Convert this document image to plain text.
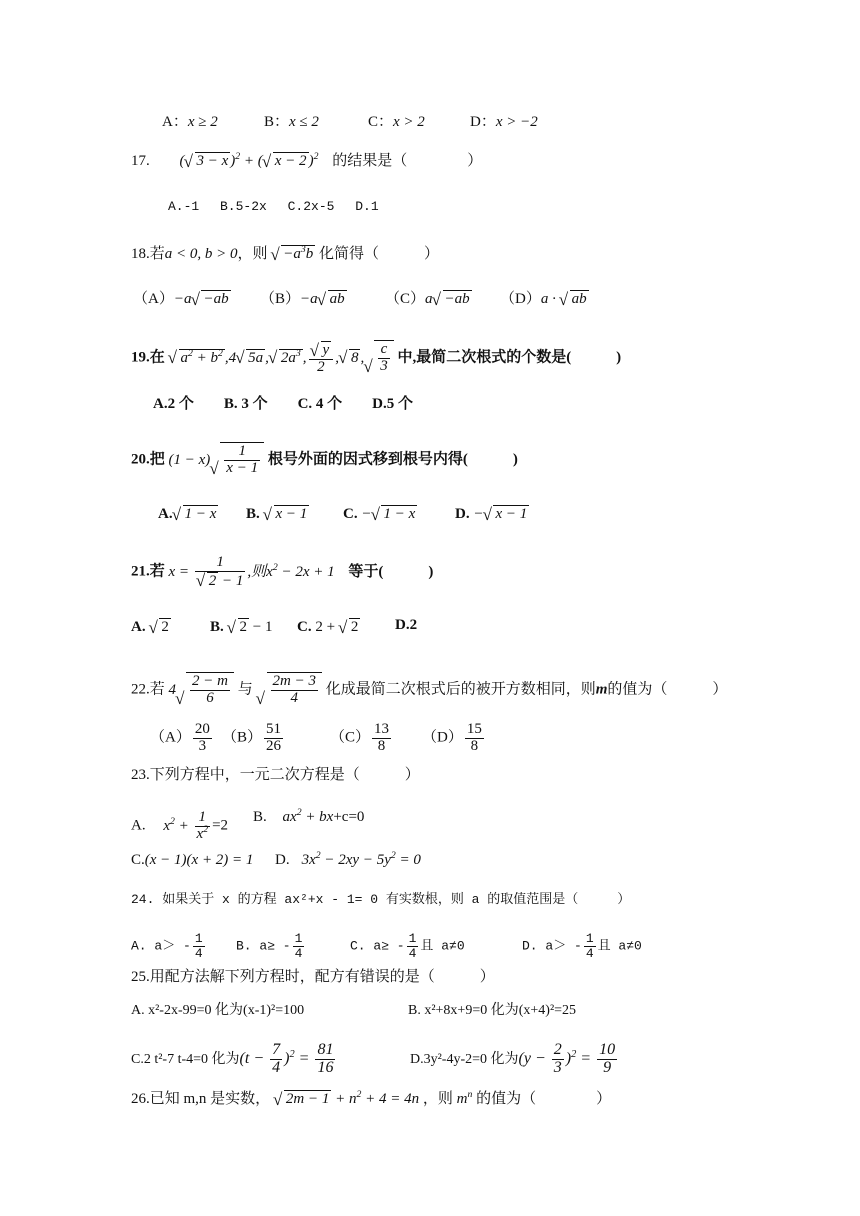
A：x ≥ 2	B：x ≤ 2	C：x > 2	D：x > −2
17. ( √ 3 − x )$^2$ + ( √ x − 2 )$^2$ 的结果是（　　　　）
A.-1　 B.5-2x　 C.2x-5　 D.1
18.若a < 0, b > 0，则 √ $-a^3b$ 化简得（　　　）
（A）−a √ −ab （B）−a √ ab	（C）a √ −ab （D）a · √ ab
19.在 √ $a^2 + b^2$ ,4 √ 5a , √ $2a^3$ , √ $\frac{y}{2}$ , √ 8 , √ $\frac{c}{3}$ 中,最简二次根式的个数是(　　　)
A.2 个　　B. 3 个　　C. 4 个　　D.5 个
20.把 (1 − x) √ $\frac{1}{x - 1}$ 根号外面的因式移到根号内得(　　　)
A. √ 1 − x B. √ x − 1 C. − √ 1 − x	D. − √ x − 1
21.若 x = 1
√ 2 − 1 ,则$x^2 - 2x + 1$ 等于(　　　)
A. √ 2	B. √ 2 − 1 C. 2 + √ 2 D.2
22.若 4 √ $\frac{2 - m}{6}$ 与 √ $\frac{2m - 3}{4}$ 化成最简二次根式后的被开方数相同，则m的值为（　　　）
$(A) \frac{20}{3} (B) \frac{51}{26}$	$(C) \frac{13}{8} (D) \frac{15}{8}$
23.下列方程中，一元二次方程是（　　　）
A. $x^2 + \frac{1}{x^2} =2$
B. $ax^2 + bx+c=0$
C.(x − 1)(x + 2) = 1 D. $3x^2 - 2xy - 5y^2 = 0$
24. 如果关于 x 的方程 ax²+x - 1= 0 有实数根，则 a 的取值范围是（　　　）
A. $a> - \frac{1}{4} B$. $a\ge - \frac{1}{4}$	C. $a\ge - \frac{1}{4}$ 且 a≠0	D. $a> - \frac{1}{4}$ 且 a≠0
25.用配方法解下列方程时，配方有错误的是（　　　）
A. x²-2x-99=0 化为(x-1)²=100	B. x²+8x+9=0 化为(x+4)²=25
C.2 t²-7 t-4=0 化为$(t - \frac{7}{4} )^2 = \frac{81}{16}$	D.3y²-4y-2=0 化为$(y - \frac{2}{3} )^2 = \frac{10}{9}$
26.已知 m,n 是实数， √ $2m - 1 + n^2 + 4 = 4n$ ，则 $m^n$ 的值为（　　　　）
